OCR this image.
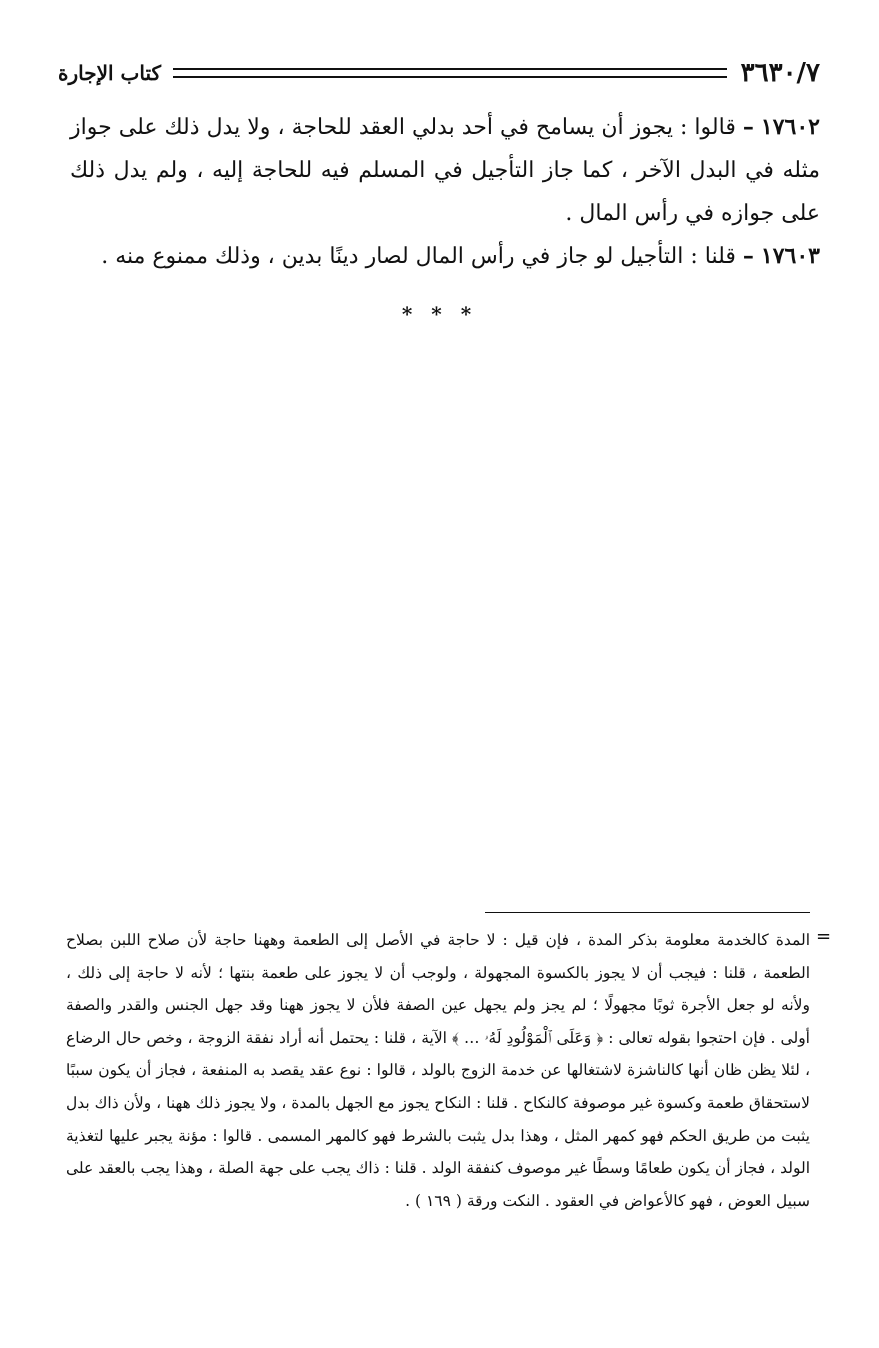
٣٦٣٠/٧
كتاب الإجارة

١٧٦٠٢ – قالوا : يجوز أن يسامح في أحد بدلي العقد للحاجة ، ولا يدل ذلك على جواز مثله في البدل الآخر ، كما جاز التأجيل في المسلم فيه للحاجة إليه ، ولم يدل ذلك على جوازه في رأس المال .

١٧٦٠٣ – قلنا : التأجيل لو جاز في رأس المال لصار دينًا بدين ، وذلك ممنوع منه .

* * *
=
المدة كالخدمة معلومة بذكر المدة ، فإن قيل : لا حاجة في الأصل إلى الطعمة وههنا حاجة لأن صلاح اللبن بصلاح الطعمة ، قلنا : فيجب أن لا يجوز بالكسوة المجهولة ، ولوجب أن لا يجوز على طعمة بنتها ؛ لأنه لا حاجة إلى ذلك ، ولأنه لو جعل الأجرة ثوبًا مجهولًا ؛ لم يجز ولم يجهل عين الصفة فلأن لا يجوز ههنا وقد جهل الجنس والقدر والصفة أولى . فإن احتجوا بقوله تعالى : ﴿ وَعَلَى ٱلْمَوْلُودِ لَهُۥ … ﴾ الآية ، قلنا : يحتمل أنه أراد نفقة الزوجة ، وخص حال الرضاع ، لئلا يظن ظان أنها كالناشزة لاشتغالها عن خدمة الزوج بالولد ، قالوا : نوع عقد يقصد به المنفعة ، فجاز أن يكون سببًا لاستحقاق طعمة وكسوة غير موصوفة كالنكاح . قلنا : النكاح يجوز مع الجهل بالمدة ، ولا يجوز ذلك ههنا ، ولأن ذاك بدل يثبت من طريق الحكم فهو كمهر المثل ، وهذا بدل يثبت بالشرط فهو كالمهر المسمى . قالوا : مؤنة يجبر عليها لتغذية الولد ، فجاز أن يكون طعامًا وسطًا غير موصوف كنفقة الولد . قلنا : ذاك يجب على جهة الصلة ، وهذا يجب بالعقد على سبيل العوض ، فهو كالأعواض في العقود . النكت ورقة ( ١٦٩ ) .
